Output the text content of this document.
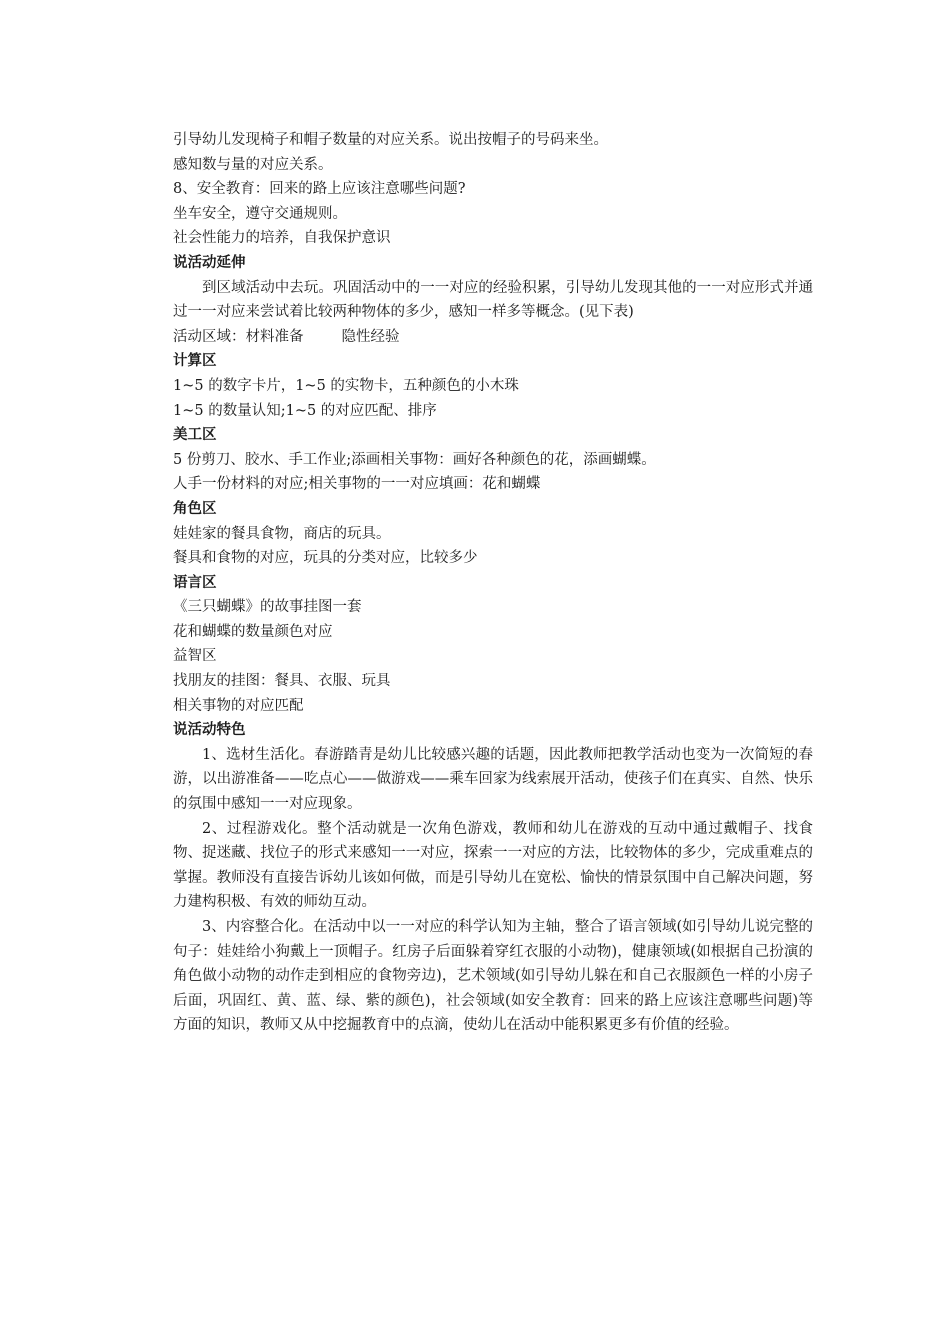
引导幼儿发现椅子和帽子数量的对应关系。说出按帽子的号码来坐。

感知数与量的对应关系。

8、安全教育：回来的路上应该注意哪些问题?

坐车安全，遵守交通规则。

社会性能力的培养，自我保护意识

说活动延伸

到区域活动中去玩。巩固活动中的一一对应的经验积累，引导幼儿发现其他的一一对应形式并通过一一对应来尝试着比较两种物体的多少，感知一样多等概念。(见下表)

活动区域：材料准备	隐性经验

计算区

1~5 的数字卡片，1~5 的实物卡，五种颜色的小木珠

1~5 的数量认知;1~5 的对应匹配、排序

美工区

5 份剪刀、胶水、手工作业;添画相关事物：画好各种颜色的花，添画蝴蝶。

人手一份材料的对应;相关事物的一一对应填画：花和蝴蝶

角色区

娃娃家的餐具食物，商店的玩具。

餐具和食物的对应，玩具的分类对应，比较多少

语言区

《三只蝴蝶》的故事挂图一套

花和蝴蝶的数量颜色对应

益智区

找朋友的挂图：餐具、衣服、玩具

相关事物的对应匹配

说活动特色

1、选材生活化。春游踏青是幼儿比较感兴趣的话题，因此教师把教学活动也变为一次简短的春游，以出游准备——吃点心——做游戏——乘车回家为线索展开活动，使孩子们在真实、自然、快乐的氛围中感知一一对应现象。

2、过程游戏化。整个活动就是一次角色游戏，教师和幼儿在游戏的互动中通过戴帽子、找食物、捉迷藏、找位子的形式来感知一一对应，探索一一对应的方法，比较物体的多少，完成重难点的掌握。教师没有直接告诉幼儿该如何做，而是引导幼儿在宽松、愉快的情景氛围中自己解决问题，努力建构积极、有效的师幼互动。

3、内容整合化。在活动中以一一对应的科学认知为主轴，整合了语言领域(如引导幼儿说完整的句子：娃娃给小狗戴上一顶帽子。红房子后面躲着穿红衣服的小动物)，健康领域(如根据自己扮演的角色做小动物的动作走到相应的食物旁边)，艺术领域(如引导幼儿躲在和自己衣服颜色一样的小房子后面，巩固红、黄、蓝、绿、紫的颜色)，社会领域(如安全教育：回来的路上应该注意哪些问题)等方面的知识，教师又从中挖掘教育中的点滴，使幼儿在活动中能积累更多有价值的经验。
